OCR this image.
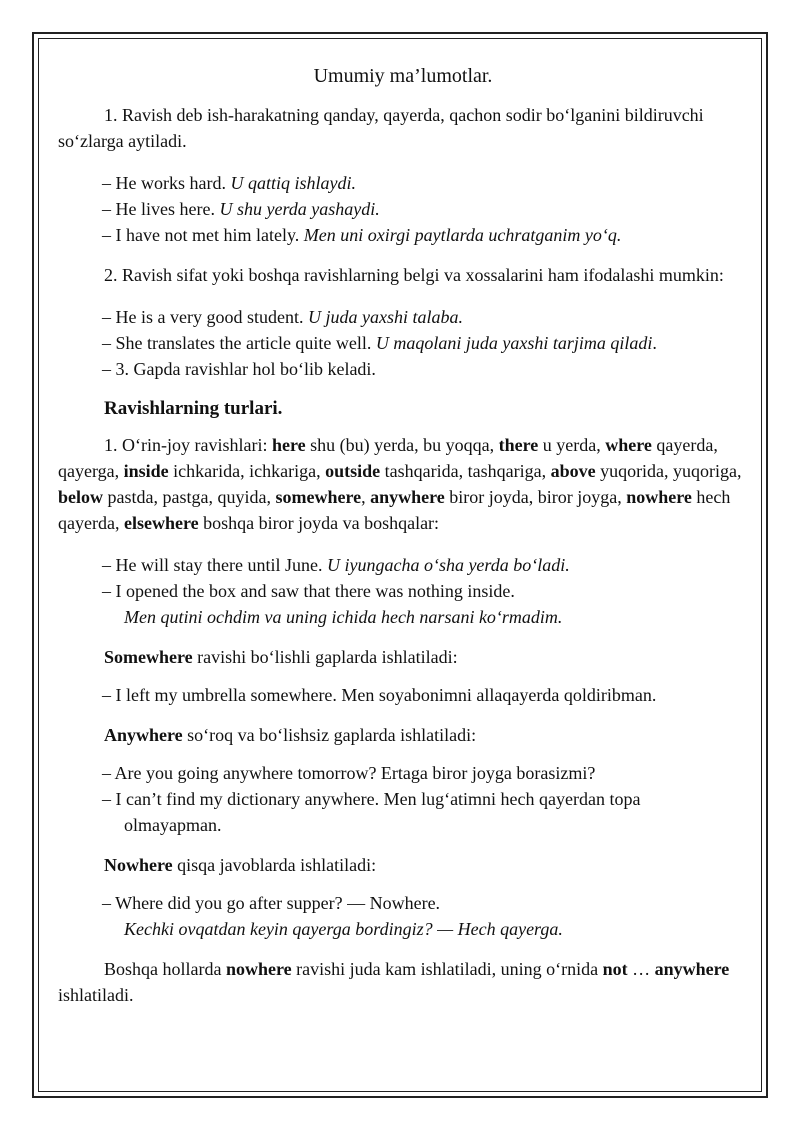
Umumiy ma’lumotlar.
1. Ravish deb ish-harakatning qanday, qayerda, qachon sodir bo‘lganini bildiruvchi so‘zlarga aytiladi.
– He works hard. U qattiq ishlaydi.
– He lives here. U shu yerda yashaydi.
– I have not met him lately. Men uni oxirgi paytlarda uchratganim yo‘q.
2. Ravish sifat yoki boshqa ravishlarning belgi va xossalarini ham ifodalashi mumkin:
– He is a very good student. U juda yaxshi talaba.
– She translates the article quite well. U maqolani juda yaxshi tarjima qiladi.
– 3. Gapda ravishlar hol bo‘lib keladi.
Ravishlarning turlari.
1. O‘rin-joy ravishlari: here shu (bu) yerda, bu yoqqa, there u yerda, where qayerda, qayerga, inside ichkarida, ichkariga, outside tashqarida, tashqariga, above yuqorida, yuqoriga, below pastda, pastga, quyida, somewhere, anywhere biror joyda, biror joyga, nowhere hech qayerda, elsewhere boshqa biror joyda va boshqalar:
– He will stay there until June. U iyungacha o‘sha yerda bo‘ladi.
– I opened the box and saw that there was nothing inside.
Men qutini ochdim va uning ichida hech narsani ko‘rmadim.
Somewhere ravishi bo‘lishli gaplarda ishlatiladi:
– I left my umbrella somewhere. Men soyabonimni allaqayerda qoldiribman.
Anywhere so‘roq va bo‘lishsiz gaplarda ishlatiladi:
– Are you going anywhere tomorrow? Ertaga biror joyga borasizmi?
– I can’t find my dictionary anywhere. Men lug‘atimni hech qayerdan topa
olmayapman.
Nowhere qisqa javoblarda ishlatiladi:
– Where did you go after supper? — Nowhere.
Kechki ovqatdan keyin qayerga bordingiz? — Hech qayerga.
Boshqa hollarda nowhere ravishi juda kam ishlatiladi, uning o‘rnida not … anywhere ishlatiladi.
